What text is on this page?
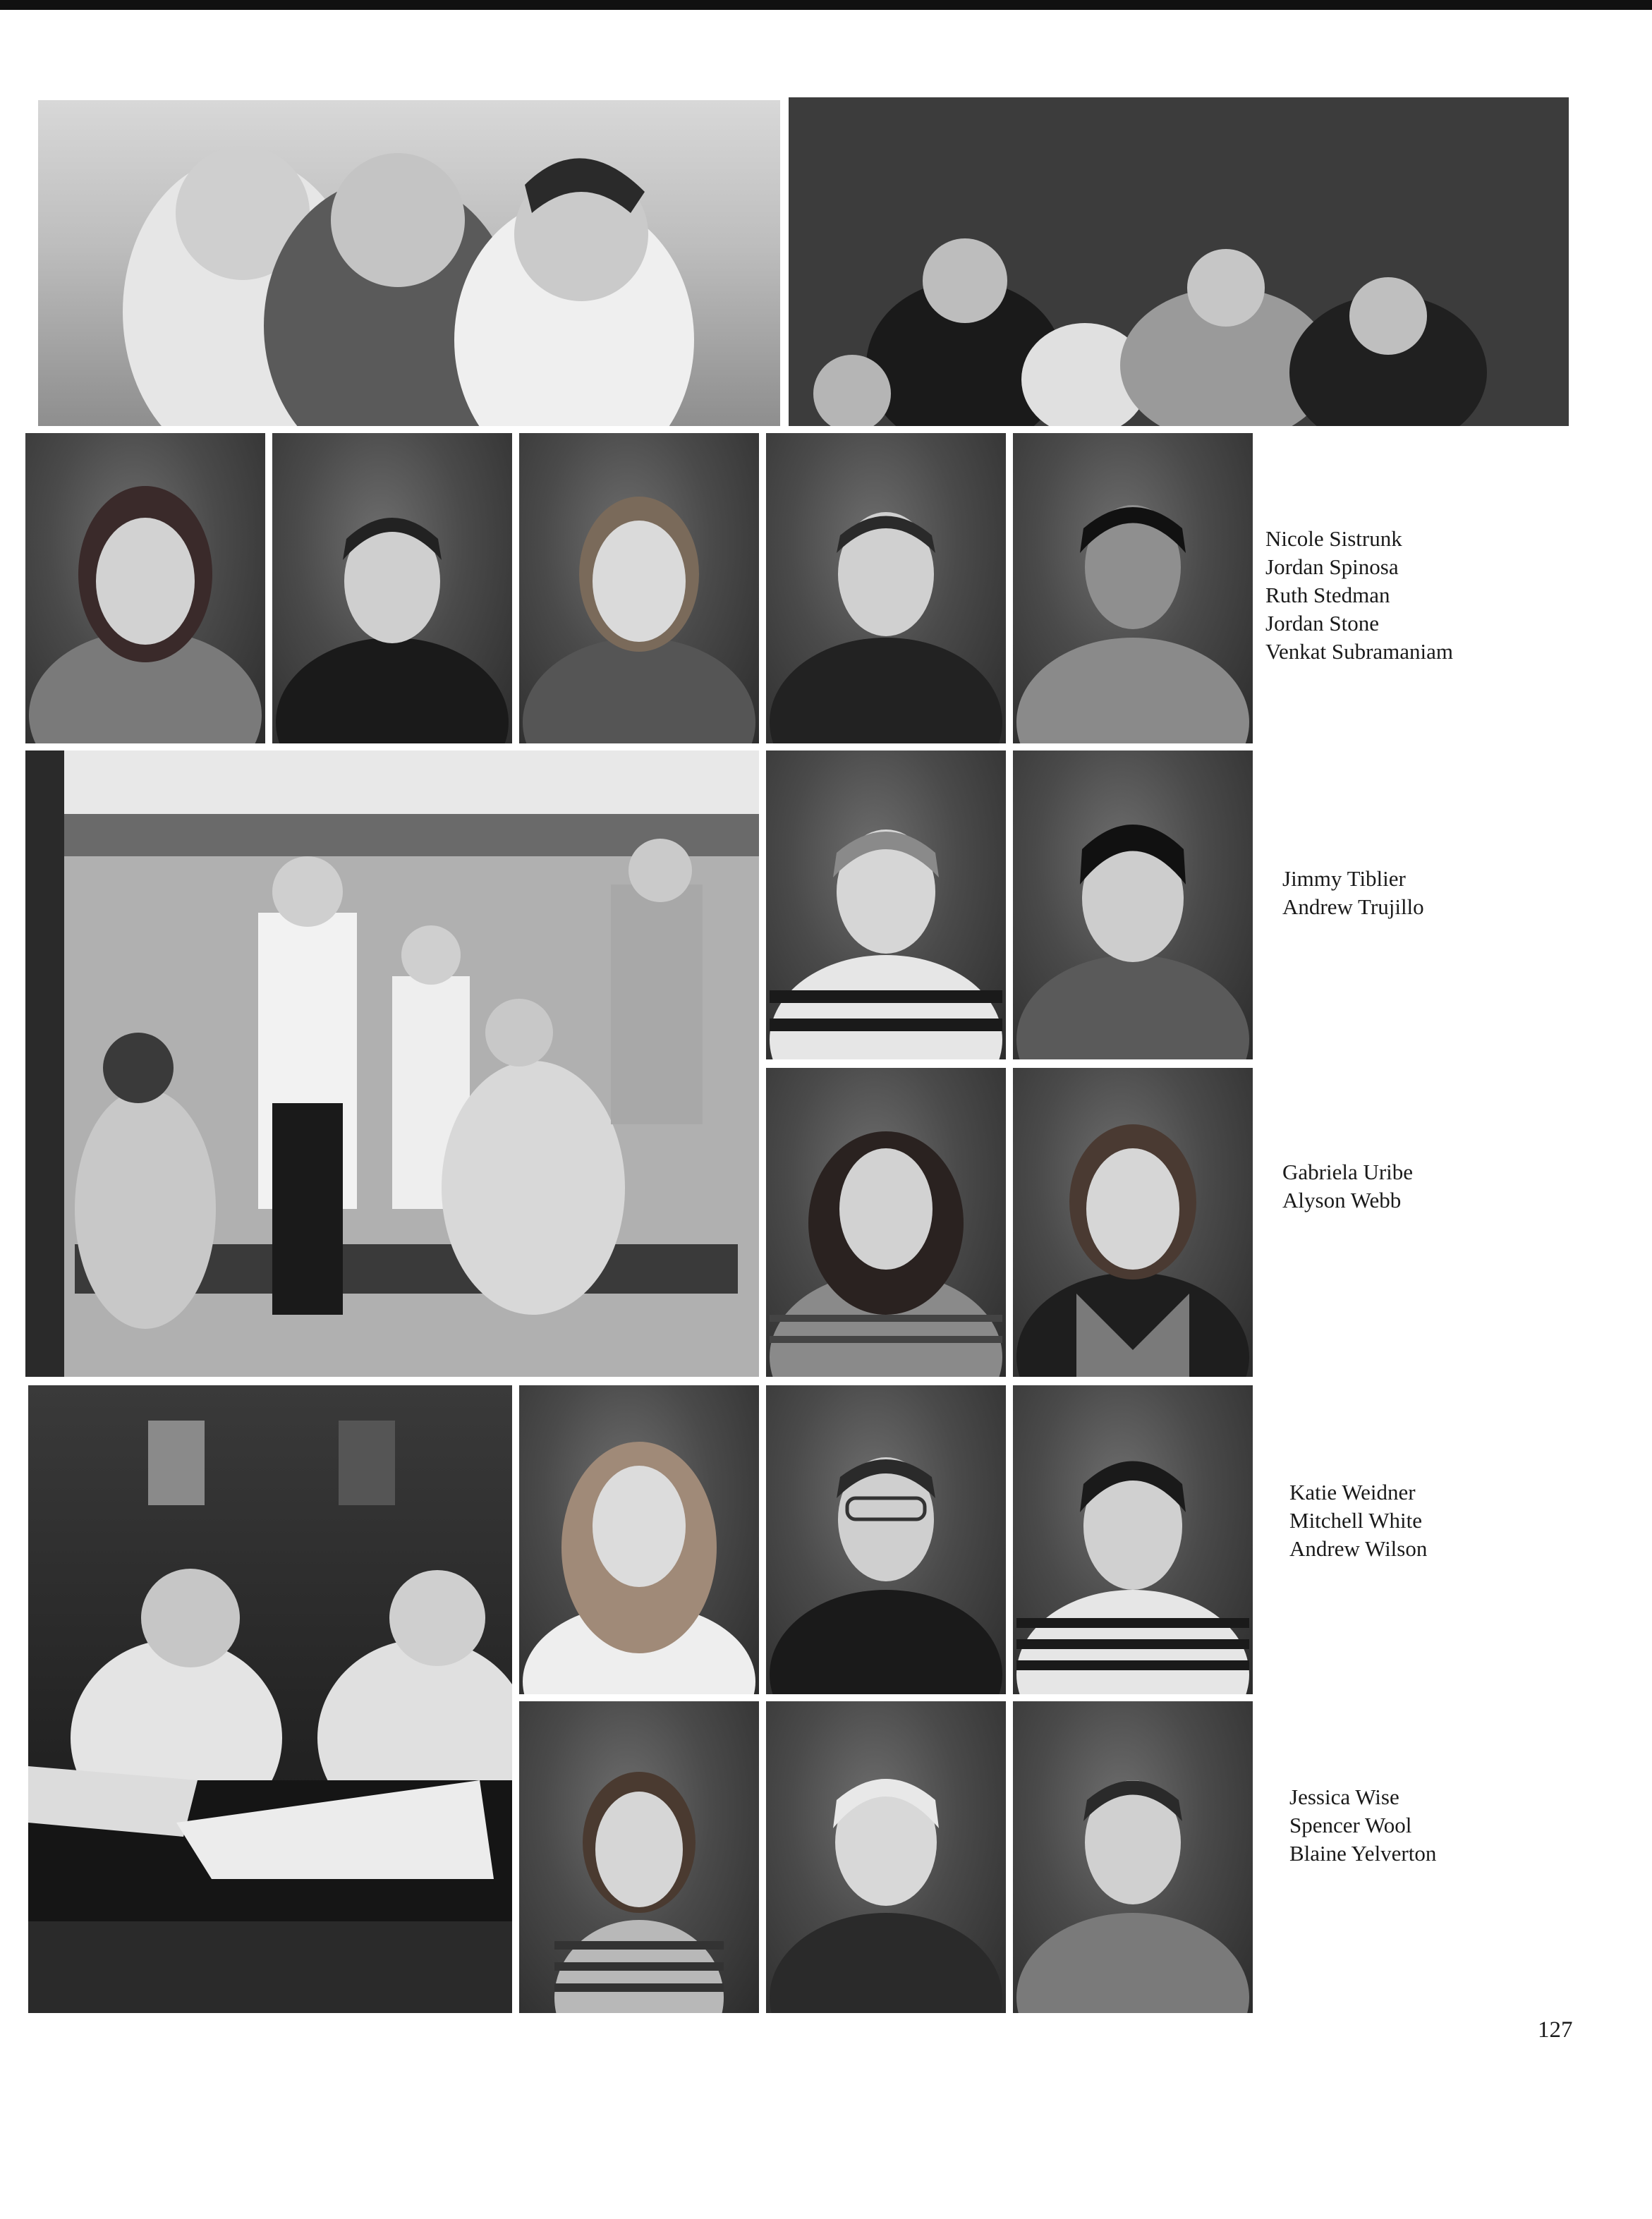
Nicole Sistrunk
Jordan Spinosa
Ruth Stedman
Jordan Stone
Venkat Subramaniam
Jimmy Tiblier
Andrew Trujillo
Gabriela Uribe
Alyson Webb
Katie Weidner
Mitchell White
Andrew Wilson
Jessica Wise
Spencer Wool
Blaine Yelverton
127
